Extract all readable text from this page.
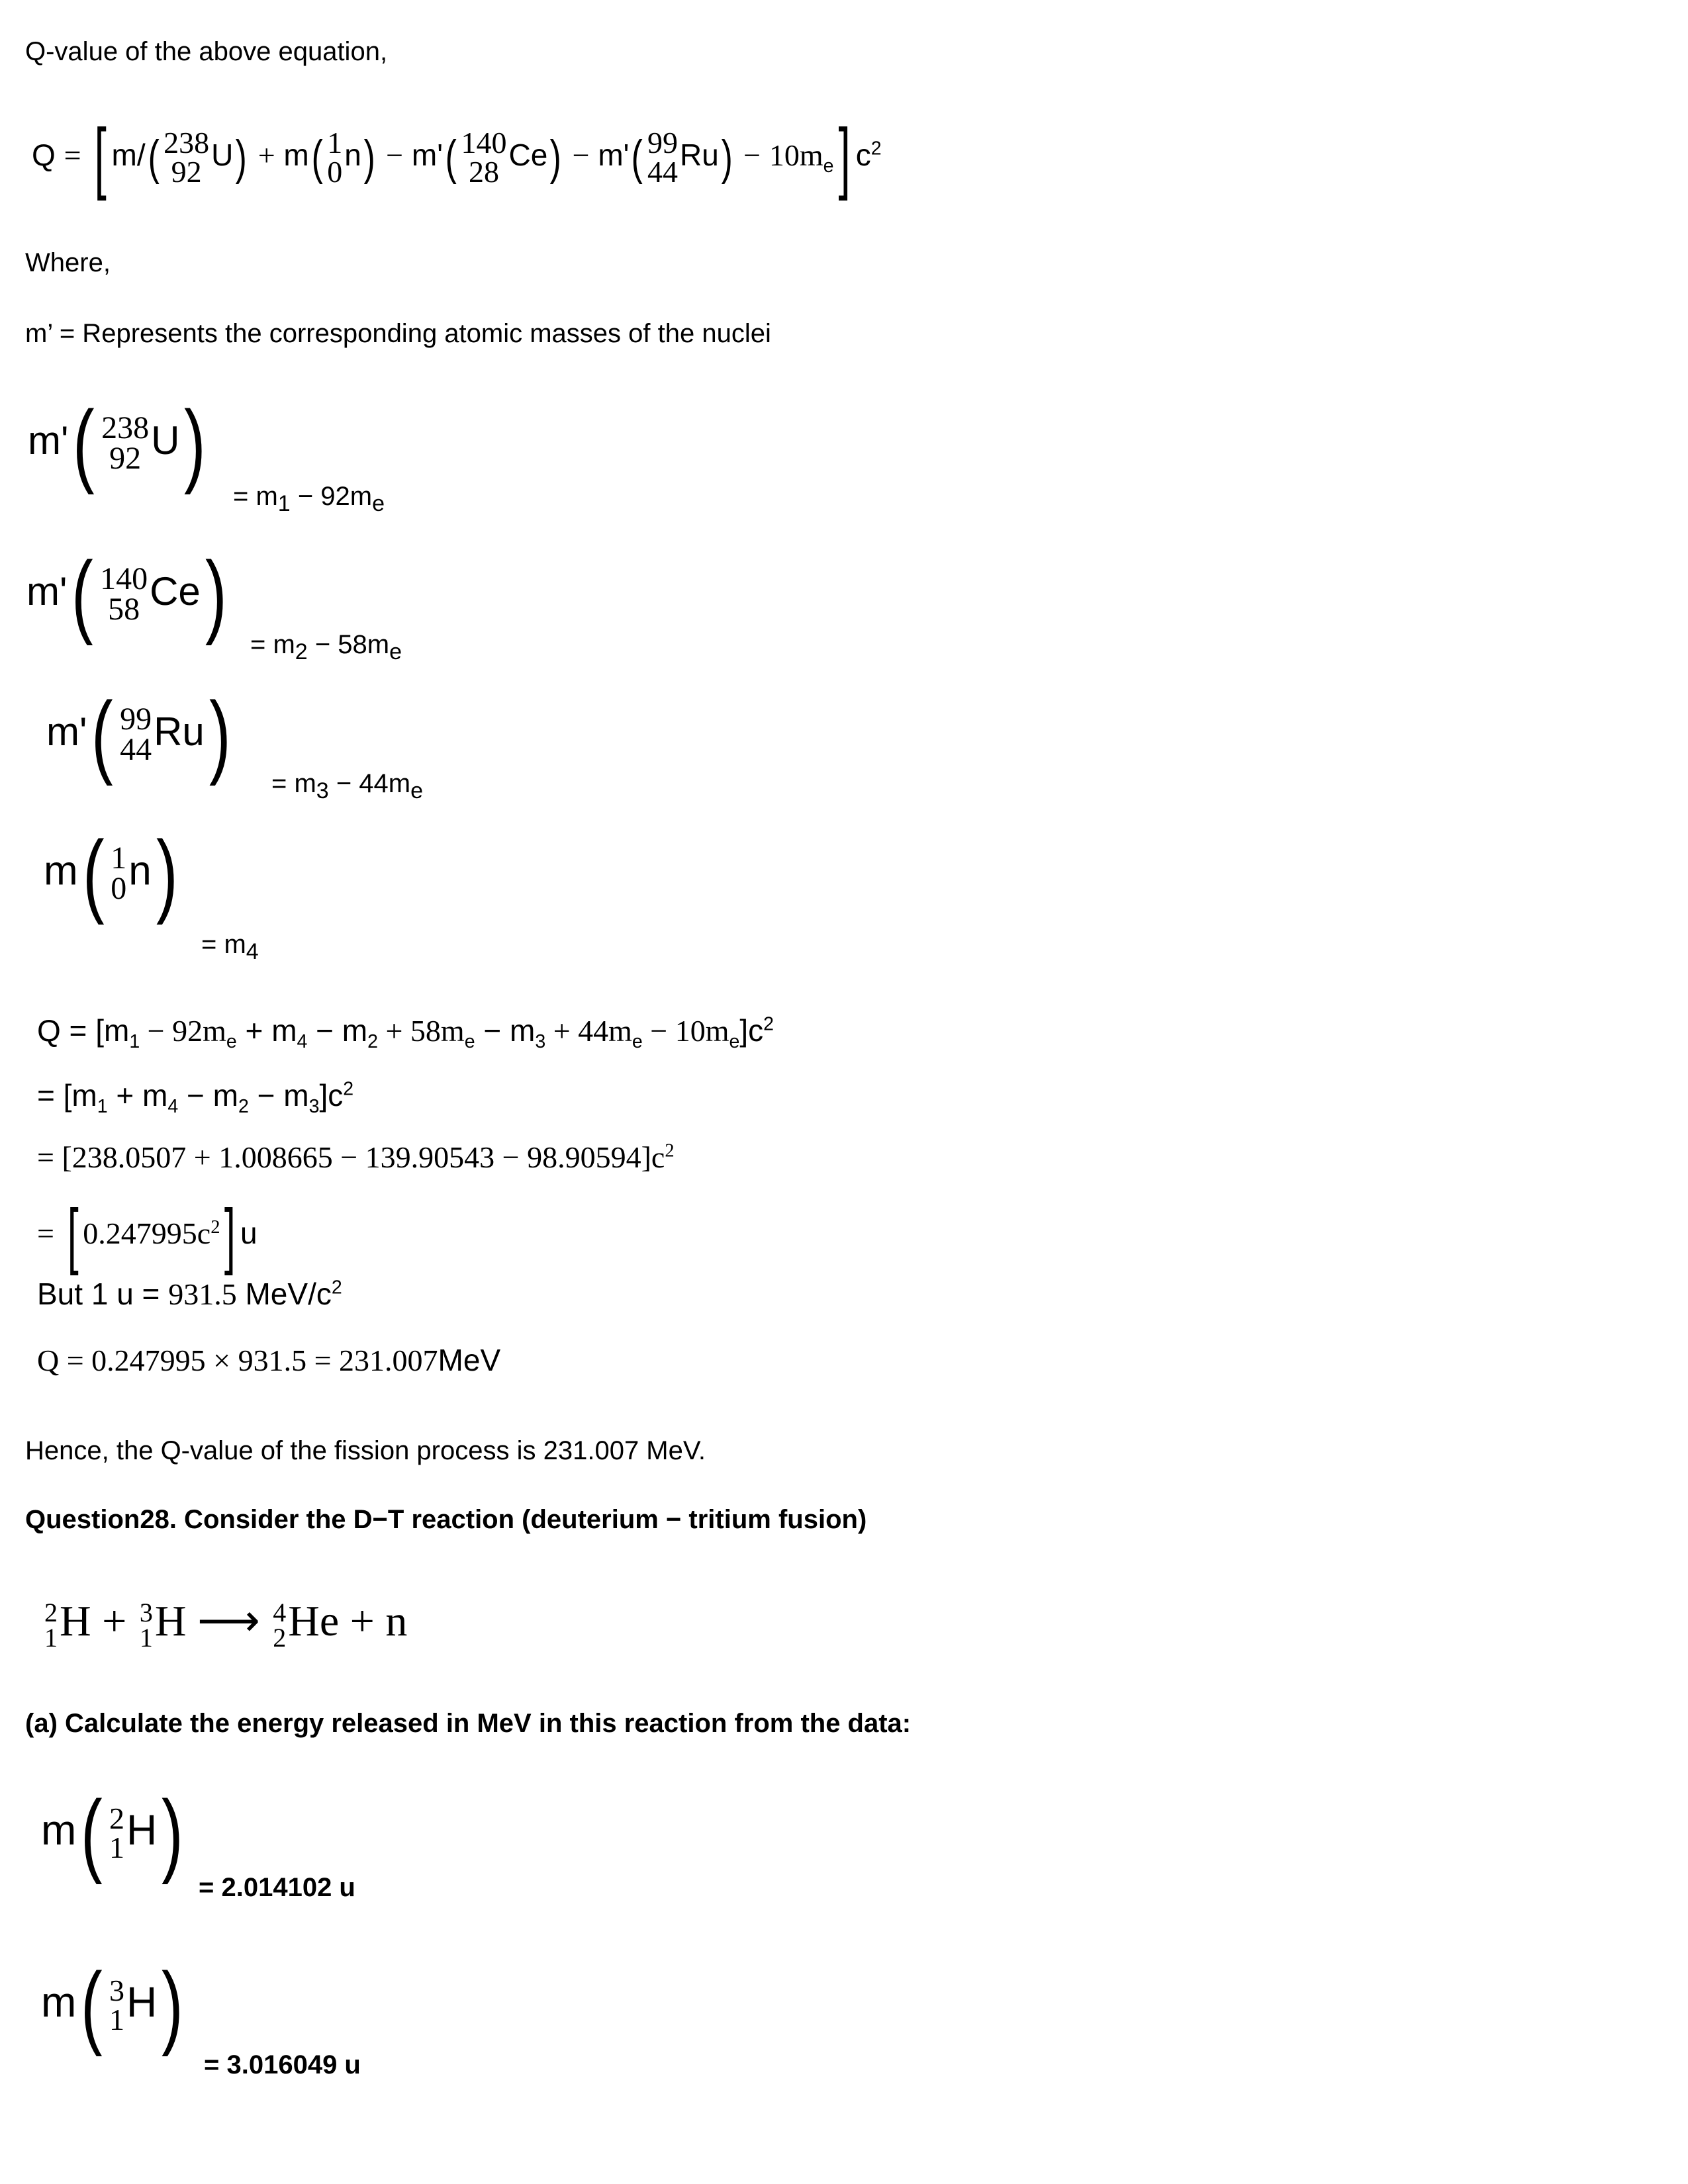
Q-value of the above equation,
Q = [ m/( 238
92 U) + m( 1
0 n) − m'( 140
28 Ce) − m'( 99
44 $Ru) - 10m_e$] $c^2$
Where,
m’ = Represents the corresponding atomic masses of the nuclei
m'( 238
92 U)
= $m_1 - 92m_e$
m'( 140
58 $Ce) = m_2 - 58m_e$
m'( 99
44 $Ru) = m_3 - 44m_e$
m( 1
0 n)
= $m_4$
$Q = [m_1 - 92m_e + m_4 - m_2 + 58m_e - m_3 + 44m_e - 10m_e]c^2$
= $[m_1 + m_4 - m_2 - m_3]c^2$
= $[238.0507 + 1.008665 - 139.90543 - 98.90594]c^2$
= [ $0.247995c^2$] u
But 1 u = 931.5 MeV/$c^2$
Q = 0.247995 × 931.5 = 231.007MeV
Hence, the Q-value of the fission process is 231.007 MeV.
Question28. Consider the D−T reaction (deuterium − tritium fusion)
2
1 H + 3
1 H ⟶ 4
2 He + n
(a) Calculate the energy released in MeV in this reaction from the data:
m( 2
1 H)
= 2.014102 u
m( 3
1 H)
= 3.016049 u
